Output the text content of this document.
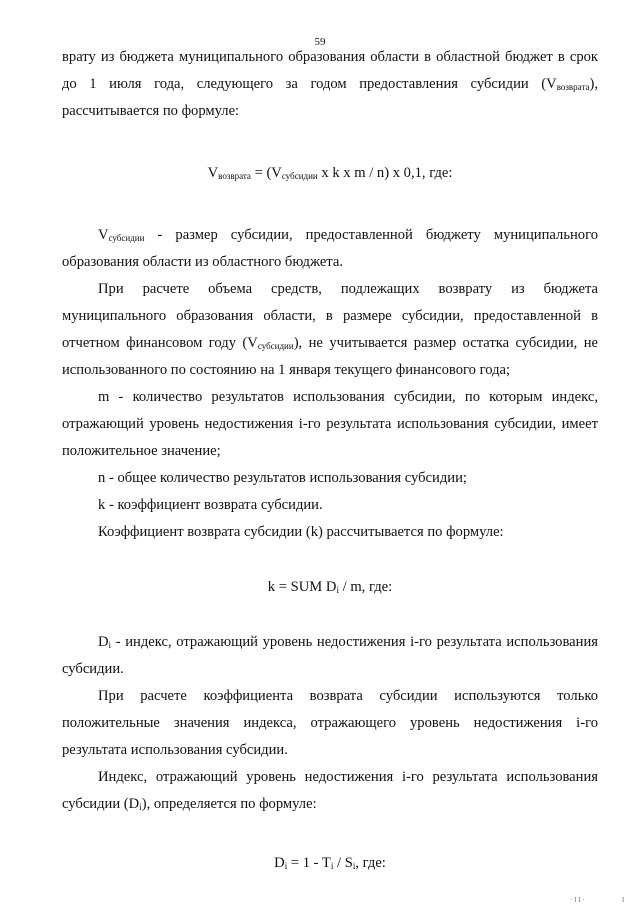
59

врату из бюджета муниципального образования области в областной бюджет в срок до 1 июля года, следующего за годом предоставления субсидии $(V_{возврата})$, рассчитывается по формуле:

$V_{возврата} = (V_{субсидии}$ x k x m / n) x 0,1, где:

$V_{субсидии}$ - размер субсидии, предоставленной бюджету муниципального образования области из областного бюджета.

При расчете объема средств, подлежащих возврату из бюджета муниципального образования области, в размере субсидии, предоставленной в отчетном финансовом году $(V_{субсидии})$, не учитывается размер остатка субсидии, не использованного по состоянию на 1 января текущего финансового года;

m - количество результатов использования субсидии, по которым индекс, отражающий уровень недостижения i-го результата использования субсидии, имеет положительное значение;

n - общее количество результатов использования субсидии;

k - коэффициент возврата субсидии.

Коэффициент возврата субсидии (k) рассчитывается по формуле:

k = SUM $D_i$ / m, где:

$D_i$ - индекс, отражающий уровень недостижения i-го результата использования субсидии.

При расчете коэффициента возврата субсидии используются только положительные значения индекса, отражающего уровень недостижения i-го результата использования субсидии.

Индекс, отражающий уровень недостижения i-го результата использования субсидии $(D_i)$, определяется по формуле:

$D_i = 1 - T_i / S_i$, где:

· I I ·	I
